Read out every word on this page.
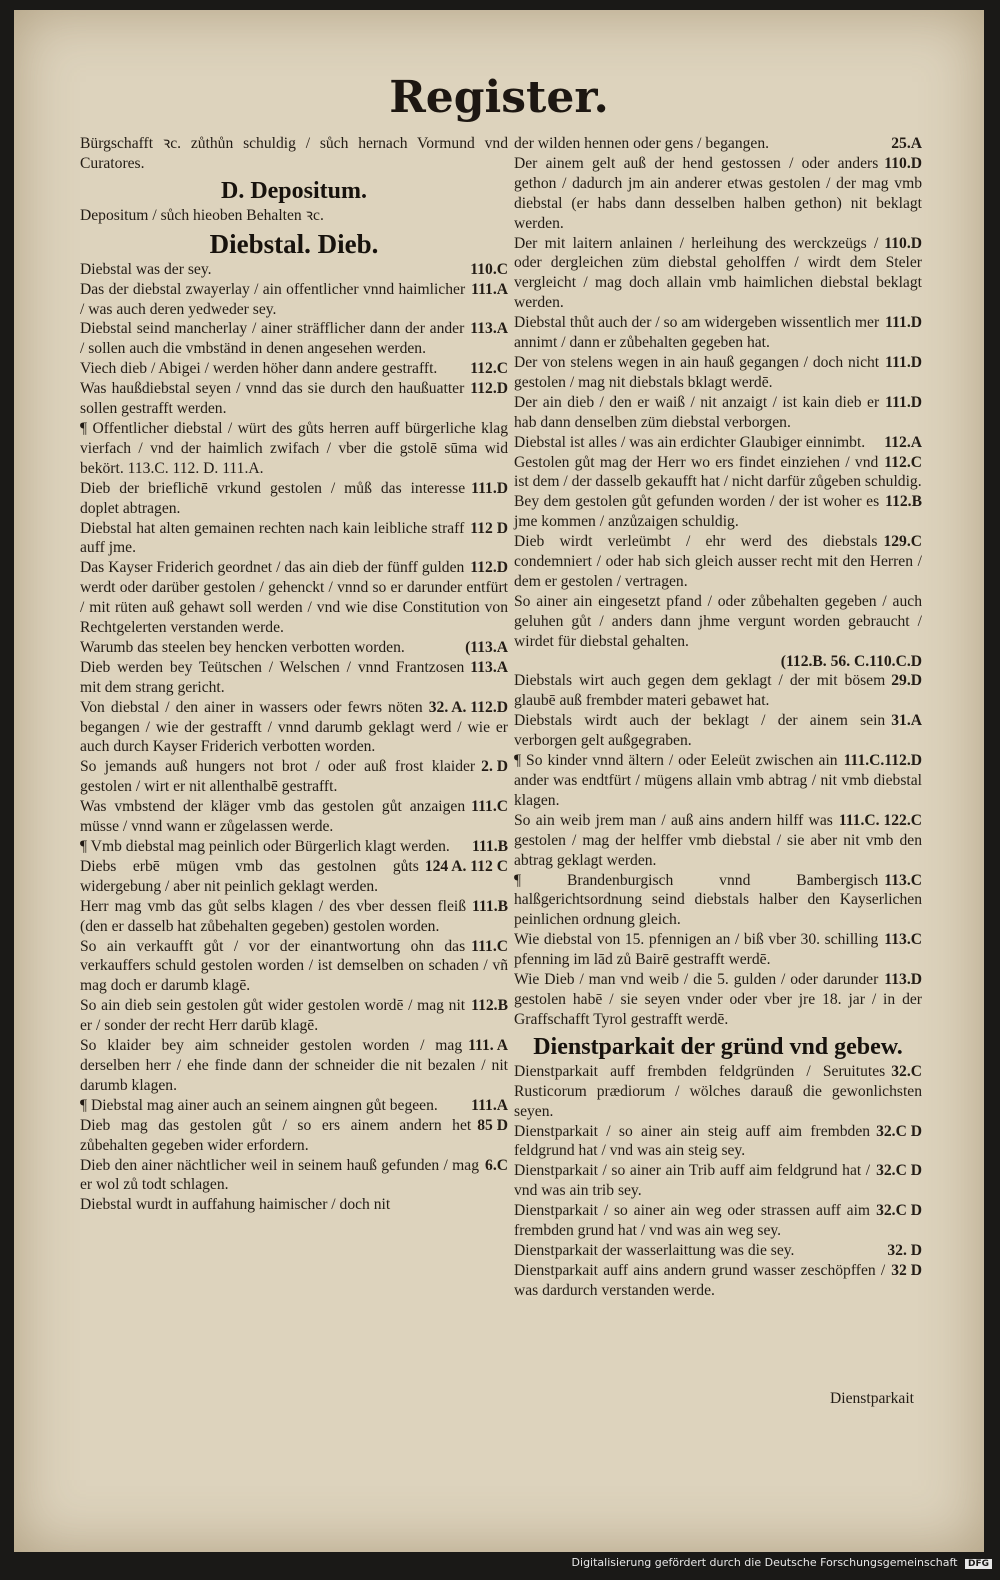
Register.
Bürgschafft ꝛc. zůthůn schuldig / sůch hernach Vormund vnd Curatores.
D. Depositum.
Depositum / sůch hieoben Behalten ꝛc.
Diebstal. Dieb.
110.C
Diebstal was der sey.
111.A
Das der diebstal zwayerlay / ain offentlicher vnnd haimlicher / was auch deren yedweder sey.
113.A
Diebstal seind mancherlay / ainer sträfflicher dann der ander / sollen auch die vmbständ in denen angesehen werden.
112.C
Viech dieb / Abigei / werden höher dann andere gestrafft.
112.D
Was haußdiebstal seyen / vnnd das sie durch den haußuatter sollen gestrafft werden.
¶ Offentlicher diebstal / würt des gůts herren auff bürgerliche klag vierfach / vnd der haimlich zwifach / vber die gstolē sūma wid bekört. 113.C. 112. D. 111.A.
111.D
Dieb der brieflichē vrkund gestolen / můß das interesse doplet abtragen.
112 D
Diebstal hat alten gemainen rechten nach kain leibliche straff auff jme.
112.D
Das Kayser Friderich geordnet / das ain dieb der fünff gulden werdt oder darüber gestolen / gehenckt / vnnd so er darunder entfürt / mit rüten auß gehawt soll werden / vnd wie dise Constitution von Rechtgelerten verstanden werde.
(113.A
Warumb das steelen bey hencken verbotten worden.
113.A
Dieb werden bey Teütschen / Welschen / vnnd Frantzosen mit dem strang gericht.
32. A. 112.D
Von diebstal / den ainer in wassers oder fewrs nöten begangen / wie der gestrafft / vnnd darumb geklagt werd / wie er auch durch Kayser Friderich verbotten worden.
2. D
So jemands auß hungers not brot / oder auß frost klaider gestolen / wirt er nit allenthalbē gestrafft.
111.C
Was vmbstend der kläger vmb das gestolen gůt anzaigen müsse / vnnd wann er zůgelassen werde.
111.B
¶ Vmb diebstal mag peinlich oder Bürgerlich klagt werden.
124 A. 112 C
Diebs erbē mügen vmb das gestolnen gůts widergebung / aber nit peinlich geklagt werden.
111.B
Herr mag vmb das gůt selbs klagen / des vber dessen fleiß (den er dasselb hat zůbehalten gegeben) gestolen worden.
111.C
So ain verkaufft gůt / vor der einantwortung ohn das verkauffers schuld gestolen worden / ist demselben on schaden / vñ mag doch er darumb klagē.
112.B
So ain dieb sein gestolen gůt wider gestolen wordē / mag nit er / sonder der recht Herr darūb klagē.
111. A
So klaider bey aim schneider gestolen worden / mag derselben herr / ehe finde dann der schneider die nit bezalen / nit darumb klagen.
111.A
¶ Diebstal mag ainer auch an seinem aingnen gůt begeen.
85 D
Dieb mag das gestolen gůt / so ers ainem andern het zůbehalten gegeben wider erfordern.
6.C
Dieb den ainer nächtlicher weil in seinem hauß gefunden / mag er wol zů todt schlagen.
Diebstal wurdt in auffahung haimischer / doch nit
25.A
der wilden hennen oder gens / begangen.
110.D
Der ainem gelt auß der hend gestossen / oder anders gethon / dadurch jm ain anderer etwas gestolen / der mag vmb diebstal (er habs dann desselben halben gethon) nit beklagt werden.
110.D
Der mit laitern anlainen / herleihung des werckzeügs / oder dergleichen züm diebstal geholffen / wirdt dem Steler vergleicht / mag doch allain vmb haimlichen diebstal beklagt werden.
111.D
Diebstal thůt auch der / so am widergeben wissentlich mer annimt / dann er zůbehalten gegeben hat.
111.D
Der von stelens wegen in ain hauß gegangen / doch nicht gestolen / mag nit diebstals bklagt werdē.
111.D
Der ain dieb / den er waiß / nit anzaigt / ist kain dieb er hab dann denselben züm diebstal verborgen.
112.A
Diebstal ist alles / was ain erdichter Glaubiger einnimbt.
112.C
Gestolen gůt mag der Herr wo ers findet einziehen / vnd ist dem / der dasselb gekaufft hat / nicht darfür zůgeben schuldig.
112.B
Bey dem gestolen gůt gefunden worden / der ist woher es jme kommen / anzůzaigen schuldig.
129.C
Dieb wirdt verleümbt / ehr werd des diebstals condemniert / oder hab sich gleich ausser recht mit den Herren / dem er gestolen / vertragen.
So ainer ain eingesetzt pfand / oder zůbehalten gegeben / auch geluhen gůt / anders dann jhme vergunt worden gebraucht / wirdet für diebstal gehalten.
(112.B. 56. C.110.C.D
29.D
Diebstals wirt auch gegen dem geklagt / der mit bösem glaubē auß frembder materi gebawet hat.
31.A
Diebstals wirdt auch der beklagt / der ainem sein verborgen gelt außgegraben.
111.C.112.D
¶ So kinder vnnd ältern / oder Eeleüt zwischen ain ander was endtfürt / mügens allain vmb abtrag / nit vmb diebstal klagen.
111.C. 122.C
So ain weib jrem man / auß ains andern hilff was gestolen / mag der helffer vmb diebstal / sie aber nit vmb den abtrag geklagt werden.
113.C
¶ Brandenburgisch vnnd Bambergisch halßgerichtsordnung seind diebstals halber den Kayserlichen peinlichen ordnung gleich.
113.C
Wie diebstal von 15. pfennigen an / biß vber 30. schilling pfenning im lād zů Bairē gestrafft werdē.
113.D
Wie Dieb / man vnd weib / die 5. gulden / oder darunder gestolen habē / sie seyen vnder oder vber jre 18. jar / in der Graffschafft Tyrol gestrafft werdē.
Dienstparkait der gründ vnd gebew.
32.C
Dienstparkait auff frembden feldgründen / Seruitutes Rusticorum prædiorum / wölches darauß die gewonlichsten seyen.
32.C D
Dienstparkait / so ainer ain steig auff aim frembden feldgrund hat / vnd was ain steig sey.
32.C D
Dienstparkait / so ainer ain Trib auff aim feldgrund hat / vnd was ain trib sey.
32.C D
Dienstparkait / so ainer ain weg oder strassen auff aim frembden grund hat / vnd was ain weg sey.
32. D
Dienstparkait der wasserlaittung was die sey.
32 D
Dienstparkait auff ains andern grund wasser zeschöpffen / was dardurch verstanden werde.
Dienstparkait
Digitalisierung gefördert durch die Deutsche Forschungsgemeinschaft DFG
